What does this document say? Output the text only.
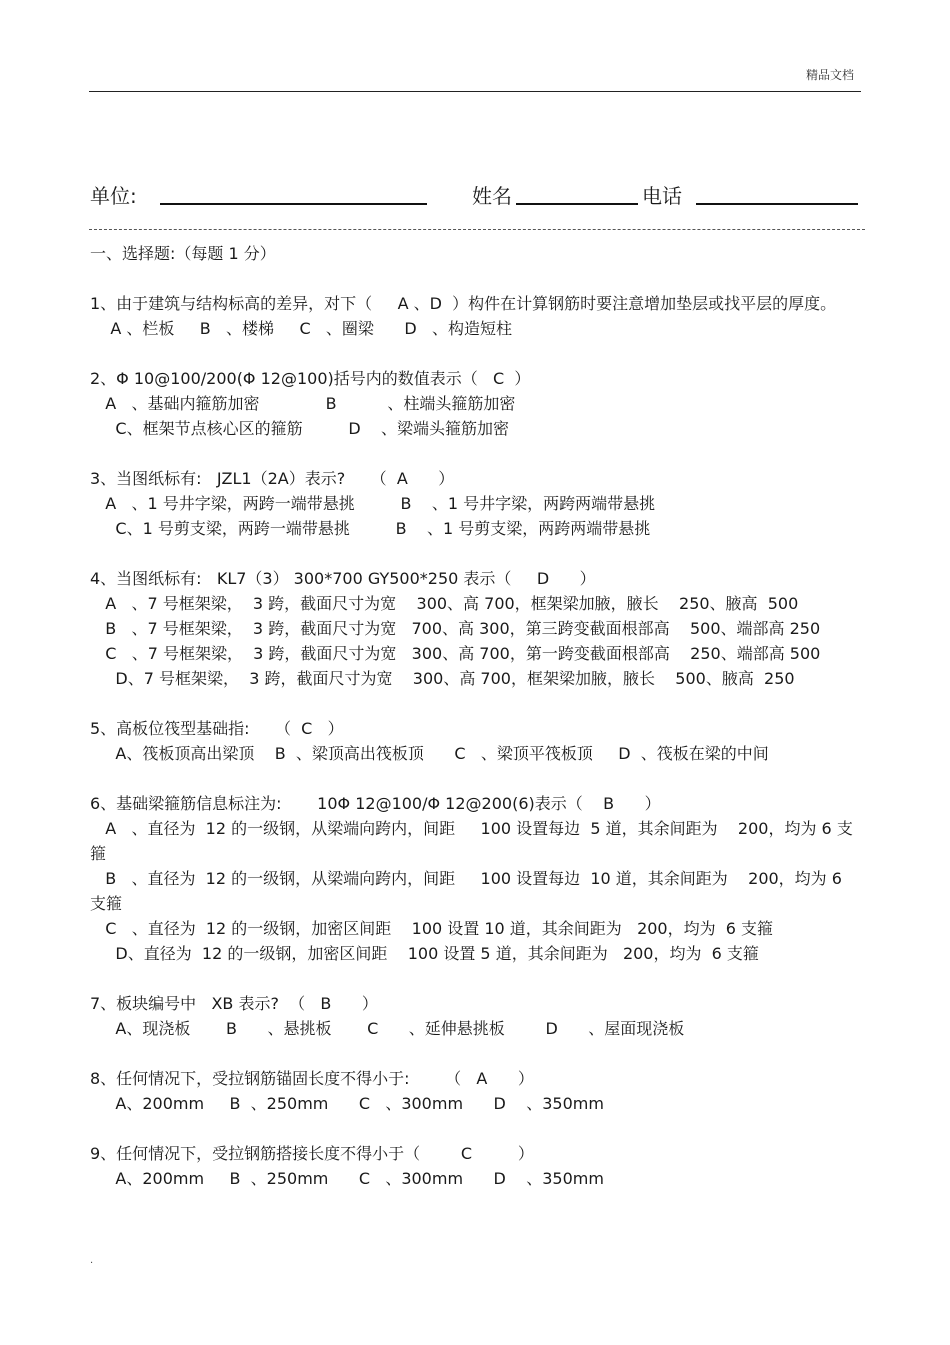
精品文档
单位:	姓名	电话

一、选择题:（每题 1 分）

1、由于建筑与结构标高的差异，对下（     A 、D  ）构件在计算钢筋时要注意增加垫层或找平层的厚度。

A 、栏板     B   、楼梯     C   、圈梁      D   、构造短柱

2、Φ 10@100/200(Φ 12@100)括号内的数值表示（   C  ）

A   、基础内箍筋加密             B          、柱端头箍筋加密

C、框架节点核心区的箍筋         D    、梁端头箍筋加密

3、当图纸标有:   JZL1（2A）表示?     （  A      ）

A   、1 号井字梁，两跨一端带悬挑         B    、1 号井字梁，两跨两端带悬挑

C、1 号剪支梁，两跨一端带悬挑         B    、1 号剪支梁，两跨两端带悬挑

4、当图纸标有:   KL7（3） 300*700 GY500*250 表示（     D      ）

A   、7 号框架梁，  3 跨，截面尺寸为宽    300、高 700，框架梁加腋，腋长    250、腋高  500

B   、7 号框架梁，  3 跨，截面尺寸为宽   700、高 300，第三跨变截面根部高    500、端部高 250

C   、7 号框架梁，  3 跨，截面尺寸为宽   300、高 700，第一跨变截面根部高    250、端部高 500

D、7 号框架梁，  3 跨，截面尺寸为宽    300、高 700，框架梁加腋，腋长    500、腋高  250

5、高板位筏型基础指:     （  C   ）

A、筏板顶高出梁顶    B  、梁顶高出筏板顶      C   、梁顶平筏板顶     D  、筏板在梁的中间

6、基础梁箍筋信息标注为:       10Φ 12@100/Φ 12@200(6)表示（    B      ）

A   、直径为  12 的一级钢，从梁端向跨内，间距     100 设置每边  5 道，其余间距为    200，均为 6 支箍

B   、直径为  12 的一级钢，从梁端向跨内，间距     100 设置每边  10 道，其余间距为    200，均为 6 支箍

C   、直径为  12 的一级钢，加密区间距    100 设置 10 道，其余间距为   200，均为  6 支箍

D、直径为  12 的一级钢，加密区间距    100 设置 5 道，其余间距为   200，均为  6 支箍

7、板块编号中   XB 表示?  （   B      ）

A、现浇板       B      、悬挑板       C      、延伸悬挑板        D      、屋面现浇板

8、任何情况下，受拉钢筋锚固长度不得小于:       （   A      ）

A、200mm     B  、250mm      C   、300mm      D    、350mm

9、任何情况下，受拉钢筋搭接长度不得小于（        C         ）

A、200mm     B  、250mm      C   、300mm      D    、350mm

.
